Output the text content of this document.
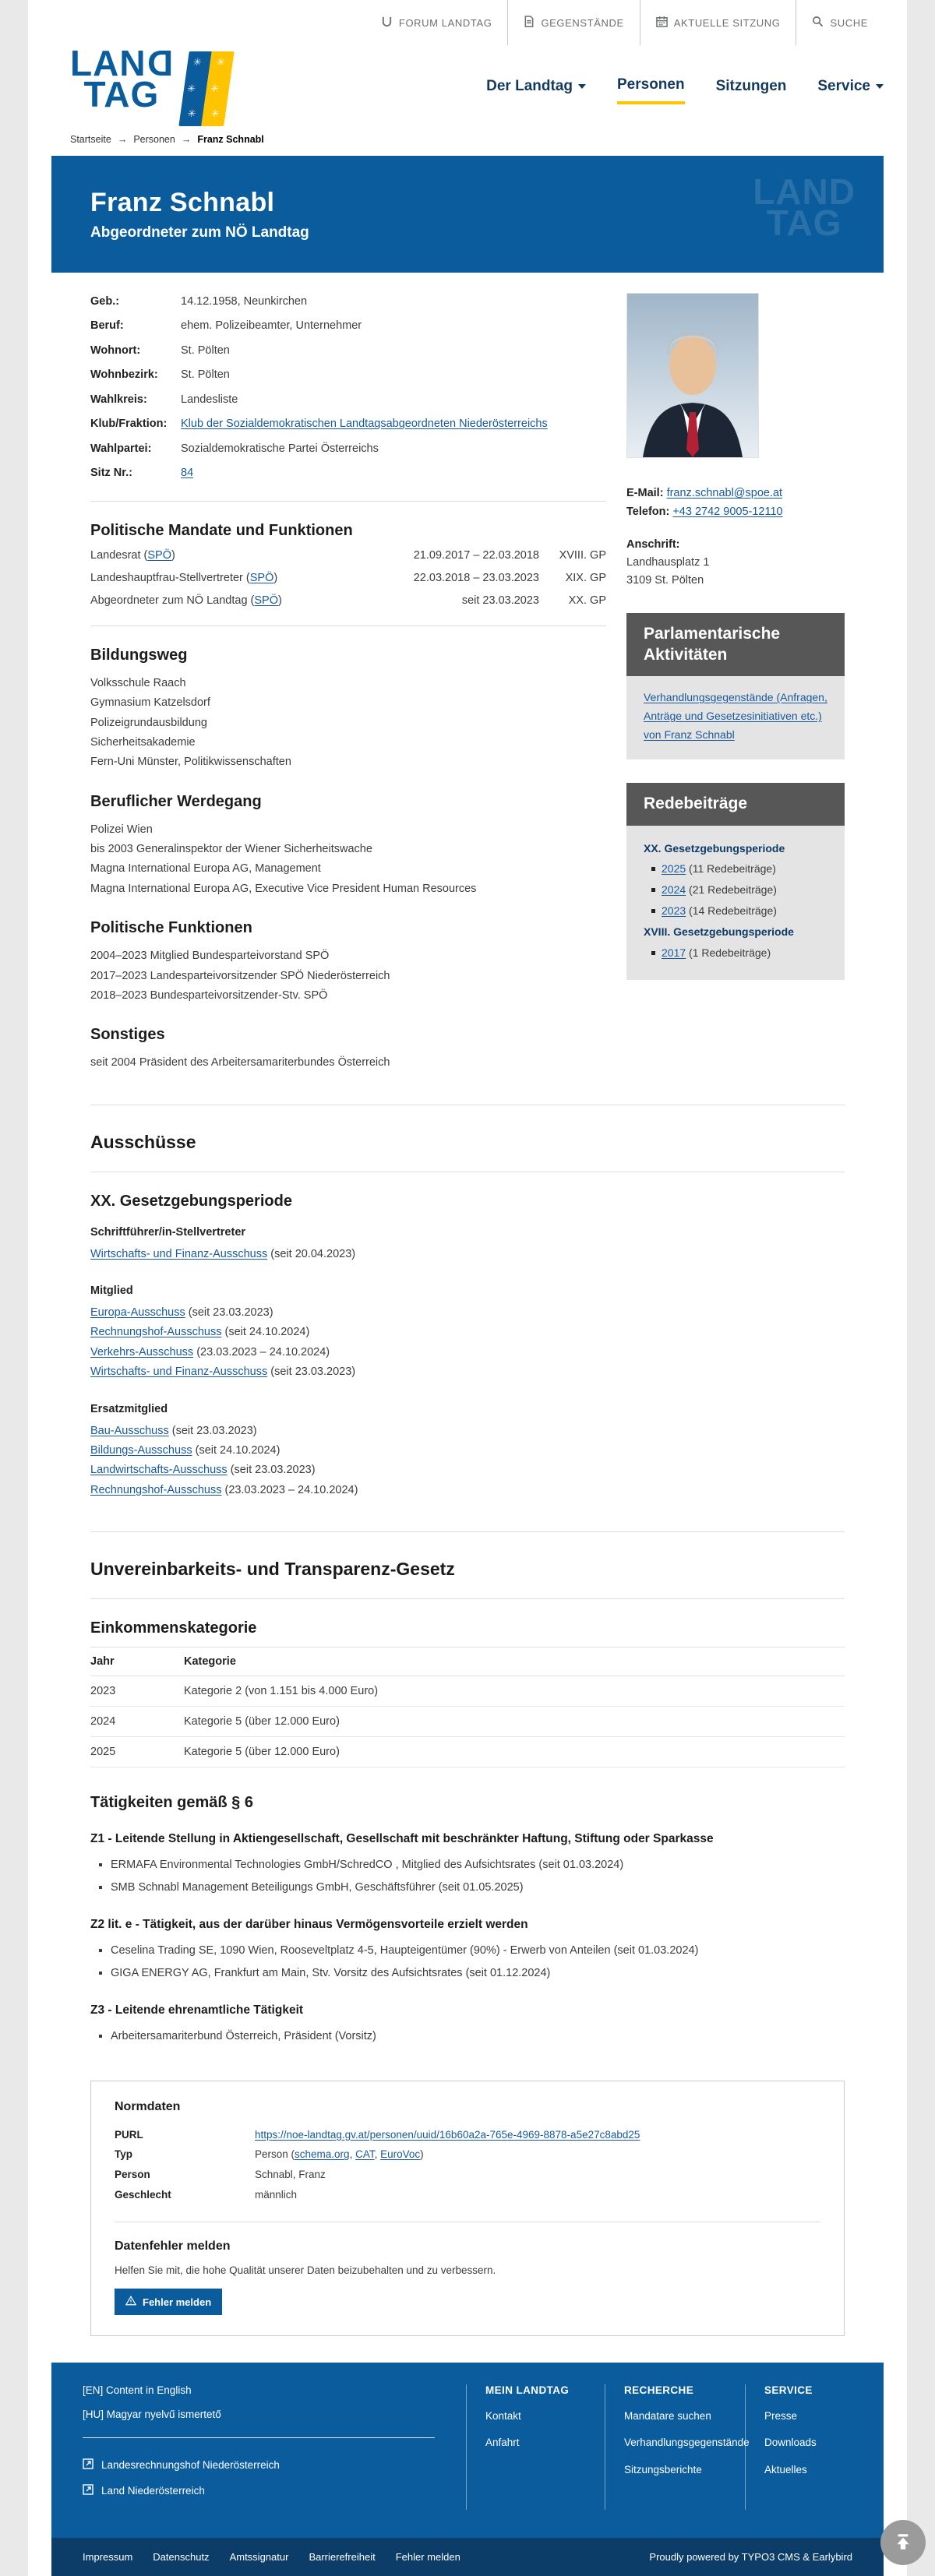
FORUM LANDTAG	GEGENSTÄNDE	AKTUELLE SITZUNG	SUCHE
LAND
TAG
✳
✳
✳
✳
✳
✳
Der Landtag	Personen Sitzungen Service
Startseite → Personen → Franz Schnabl
Franz Schnabl
Abgeordneter zum NÖ Landtag
LAND
TAG
Geb.:	14.12.1958, Neunkirchen
Beruf:	ehem. Polizeibeamter, Unternehmer
Wohnort:	St. Pölten
Wohnbezirk:	St. Pölten
Wahlkreis:	Landesliste
Klub/Fraktion:	Klub der Sozialdemokratischen Landtagsabgeordneten Niederösterreichs
Wahlpartei:	Sozialdemokratische Partei Österreichs
Sitz Nr.:	84
Politische Mandate und Funktionen
Landesrat (SPÖ)	21.09.2017 – 22.03.2018	XVIII. GP
Landeshauptfrau-Stellvertreter (SPÖ)	22.03.2018 – 23.03.2023	XIX. GP
Abgeordneter zum NÖ Landtag (SPÖ)	seit 23.03.2023	XX. GP
Bildungsweg
Volksschule Raach
Gymnasium Katzelsdorf
Polizeigrundausbildung
Sicherheitsakademie
Fern-Uni Münster, Politikwissenschaften
Beruflicher Werdegang
Polizei Wien
bis 2003 Generalinspektor der Wiener Sicherheitswache
Magna International Europa AG, Management
Magna International Europa AG, Executive Vice President Human Resources
Politische Funktionen
2004–2023 Mitglied Bundesparteivorstand SPÖ
2017–2023 Landesparteivorsitzender SPÖ Niederösterreich
2018–2023 Bundesparteivorsitzender-Stv. SPÖ
Sonstiges
seit 2004 Präsident des Arbeitersamariterbundes Österreich
E-Mail: franz.schnabl@spoe.at
Telefon: +43 2742 9005-12110
Anschrift:
Landhausplatz 1
3109 St. Pölten
Parlamentarische Aktivitäten
Verhandlungsgegenstände (Anfragen, Anträge und Gesetzesinitiativen etc.) von Franz Schnabl
Redebeiträge
XX. Gesetzgebungsperiode
2025 (11 Redebeiträge)
2024 (21 Redebeiträge)
2023 (14 Redebeiträge)
XVIII. Gesetzgebungsperiode
2017 (1 Redebeiträge)
Ausschüsse
XX. Gesetzgebungsperiode
Schriftführer/in-Stellvertreter
Wirtschafts- und Finanz-Ausschuss (seit 20.04.2023)
Mitglied
Europa-Ausschuss (seit 23.03.2023)
Rechnungshof-Ausschuss (seit 24.10.2024)
Verkehrs-Ausschuss (23.03.2023 – 24.10.2024)
Wirtschafts- und Finanz-Ausschuss (seit 23.03.2023)
Ersatzmitglied
Bau-Ausschuss (seit 23.03.2023)
Bildungs-Ausschuss (seit 24.10.2024)
Landwirtschafts-Ausschuss (seit 23.03.2023)
Rechnungshof-Ausschuss (23.03.2023 – 24.10.2024)
Unvereinbarkeits- und Transparenz-Gesetz
Einkommenskategorie
Jahr	Kategorie
2023	Kategorie 2 (von 1.151 bis 4.000 Euro)
2024	Kategorie 5 (über 12.000 Euro)
2025	Kategorie 5 (über 12.000 Euro)
Tätigkeiten gemäß § 6
Z1 - Leitende Stellung in Aktiengesellschaft, Gesellschaft mit beschränkter Haftung, Stiftung oder Sparkasse
▪ ERMAFA Environmental Technologies GmbH/SchredCO , Mitglied des Aufsichtsrates (seit 01.03.2024)
▪ SMB Schnabl Management Beteiligungs GmbH, Geschäftsführer (seit 01.05.2025)
Z2 lit. e - Tätigkeit, aus der darüber hinaus Vermögensvorteile erzielt werden
▪ Ceselina Trading SE, 1090 Wien, Rooseveltplatz 4-5, Haupteigentümer (90%) - Erwerb von Anteilen (seit 01.03.2024)
▪ GIGA ENERGY AG, Frankfurt am Main, Stv. Vorsitz des Aufsichtsrates (seit 01.12.2024)
Z3 - Leitende ehrenamtliche Tätigkeit
▪ Arbeitersamariterbund Österreich, Präsident (Vorsitz)
Normdaten
PURL	https://noe-landtag.gv.at/personen/uuid/16b60a2a-765e-4969-8878-a5e27c8abd25
Typ	Person (schema.org, CAT, EuroVoc)
Person	Schnabl, Franz
Geschlecht	männlich
Datenfehler melden

Helfen Sie mit, die hohe Qualität unserer Daten beizubehalten und zu verbessern.

Fehler melden
[EN] Content in English
[HU] Magyar nyelvű ismertető
Landesrechnungshof Niederösterreich
Land Niederösterreich
MEIN LANDTAG
Kontakt
Anfahrt
RECHERCHE
Mandatare suchen
Verhandlungsgegenstände
Sitzungsberichte
SERVICE
Presse
Downloads
Aktuelles
Impressum Datenschutz Amtssignatur Barrierefreiheit Fehler melden	Proudly powered by TYPO3 CMS & Earlybird
